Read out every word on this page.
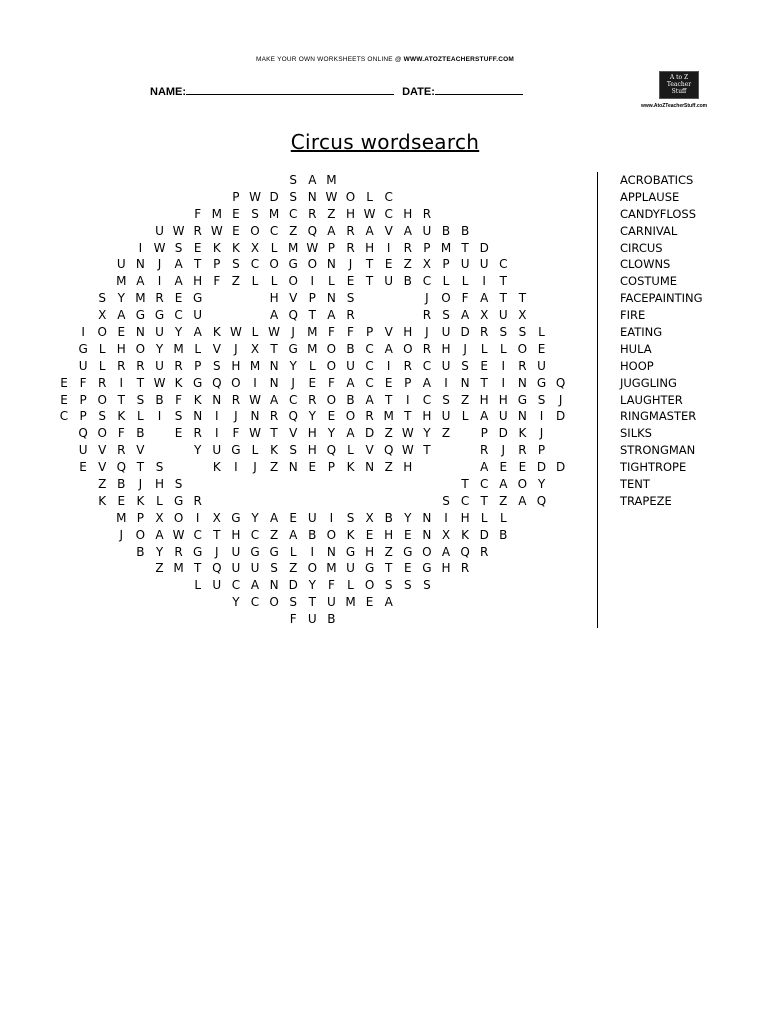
MAKE YOUR OWN WORKSHEETS ONLINE @ WWW.ATOZTEACHERSTUFF.COM
NAME:	DATE:
A to Z
Teacher
Stuff
www.AtoZTeacherStuff.com
Circus wordsearch
S A M
P W D S N W O L C
F M E S M C R Z H W C H R
U W R W E O C Z Q A R A V A U B B
I W S E K K X L M W P R H	I	R P M T D
U N	J	A T P S C O G O N	J	T E Z X P U U C
M A	I	A H F Z L	L O	I	L E T U B C L	L	I	T
S Y M R E G	H V P N S	J	O F A T T
X A G G C U	A Q T A R	R S A X U X
I	O E N U Y A K W L W J	M F	F	P V H	J	U D R S S L
G L H O Y M L V	J	X T G M O B C A O R H	J	L	L O E
U L R R U R P S H M N Y	L O U C	I	R C U S E	I	R U
E F R	I	T W K G Q O	I	N	J	E F A C E P A	I	N T	I	N G Q
E P O T S B F K N R W A C R O B A T	I	C S Z H H G S	J
C P S K L	I	S N	I	J	N R Q Y E O R M T H U L A U N	I	D
Q O F B	E R	I	F W T V H Y A D Z W Y Z	P D K	J
U V R V	Y U G L K S H Q L V Q W T	R	J	R P
E V Q T S	K	I	J	Z N E P K N Z H	A E E D D
Z B	J	H S	T C A O Y
K E K L G R	S C T Z A Q
M P X O	I	X G Y A E U	I	S X B Y N	I	H L	L
J	O A W C T H C Z A B O K E H E N X K D B
B Y R G	J	U G G L	I	N G H Z G O A Q R
Z M T Q U U S Z O M U G T E G H R
L U C A N D Y F	L O S S S
Y C O S T U M E A
F U B
ACROBATICS
APPLAUSE
CANDYFLOSS
CARNIVAL
CIRCUS
CLOWNS
COSTUME
FACEPAINTING
FIRE
EATING
HULA
HOOP
JUGGLING
LAUGHTER
RINGMASTER
SILKS
STRONGMAN
TIGHTROPE
TENT
TRAPEZE
